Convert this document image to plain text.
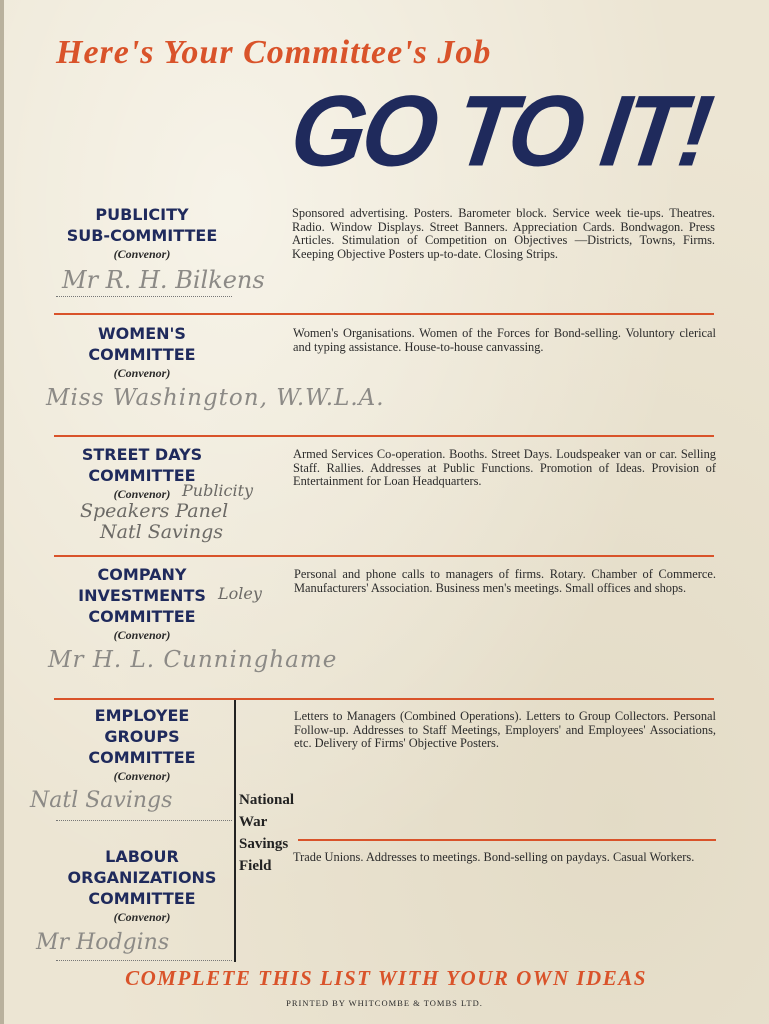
Here's Your Committee's Job
GO TO IT!
PUBLICITY
SUB-COMMITTEE
(Convenor)
Sponsored advertising. Posters. Barometer block. Service week tie-ups. Theatres. Radio. Window Displays. Street Banners. Appreciation Cards. Bondwagon. Press Articles. Stimulation of Competition on Objectives —Districts, Towns, Firms. Keeping Objective Posters up-to-date. Closing Strips.
Mr R. H. Bilkens
WOMEN'S
COMMITTEE
(Convenor)
Women's Organisations. Women of the Forces for Bond-selling. Voluntory clerical and typing assistance. House-to-house canvassing.
Miss Washington, W.W.L.A.
STREET DAYS
COMMITTEE
(Convenor)
Armed Services Co-operation. Booths. Street Days. Loudspeaker van or car. Selling Staff. Rallies. Addresses at Public Functions. Promotion of Ideas. Provision of Entertainment for Loan Headquarters.
Publicity
Speakers Panel
Natl Savings
COMPANY
INVESTMENTS
COMMITTEE
(Convenor)
Loley
Personal and phone calls to managers of firms. Rotary. Chamber of Commerce. Manufacturers' Association. Business men's meetings. Small offices and shops.
Mr H. L. Cunninghame
EMPLOYEE
GROUPS
COMMITTEE
(Convenor)
Letters to Managers (Combined Operations). Letters to Group Collectors. Personal Follow-up. Addresses to Staff Meetings, Employers' and Employees' Associations, etc. Delivery of Firms' Objective Posters.
Natl Savings	National
War
Savings
Field
LABOUR
ORGANIZATIONS
COMMITTEE
(Convenor)
Trade Unions. Addresses to meetings. Bond-selling on paydays. Casual Workers.
Mr Hodgins
COMPLETE THIS LIST WITH YOUR OWN IDEAS
PRINTED BY WHITCOMBE & TOMBS LTD.
